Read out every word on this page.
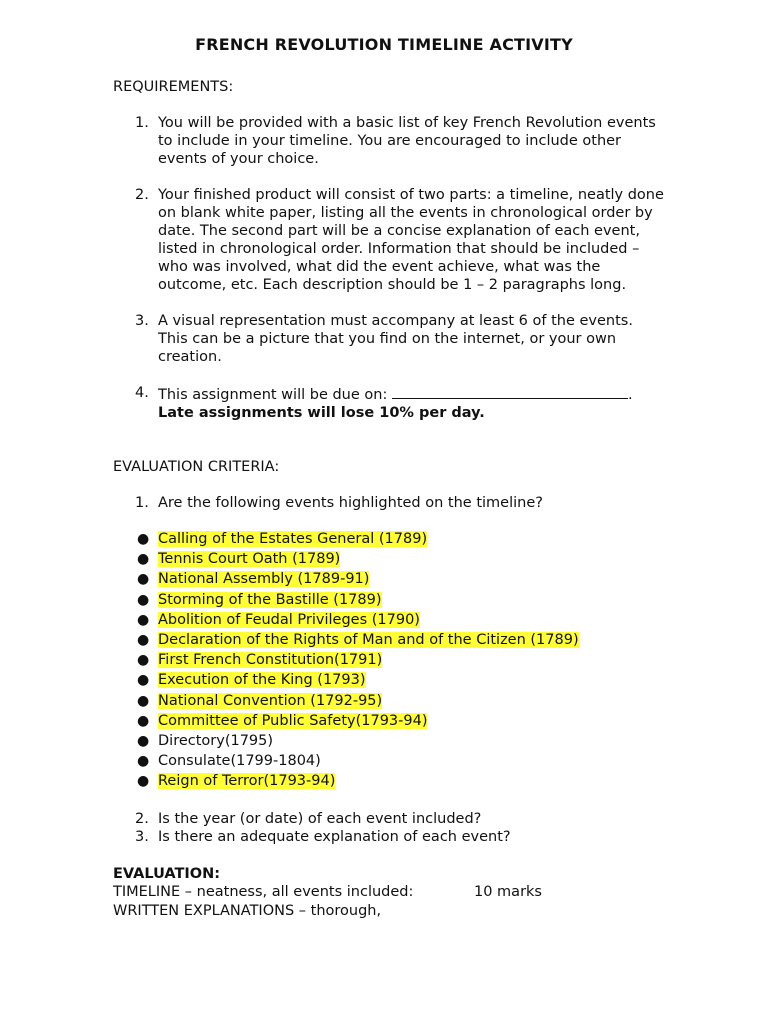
FRENCH REVOLUTION TIMELINE ACTIVITY
REQUIREMENTS:
1. You will be provided with a basic list of key French Revolution events to include in your timeline. You are encouraged to include other events of your choice.
2. Your finished product will consist of two parts: a timeline, neatly done on blank white paper, listing all the events in chronological order by date. The second part will be a concise explanation of each event, listed in chronological order. Information that should be included – who was involved, what did the event achieve, what was the outcome, etc. Each description should be 1 – 2 paragraphs long.
3. A visual representation must accompany at least 6 of the events. This can be a picture that you find on the internet, or your own creation.
4. This assignment will be due on:	.
Late assignments will lose 10% per day.
EVALUATION CRITERIA:
1. Are the following events highlighted on the timeline?
● Calling of the Estates General (1789)
● Tennis Court Oath (1789)
● National Assembly (1789-91)
● Storming of the Bastille (1789)
● Abolition of Feudal Privileges (1790)
● Declaration of the Rights of Man and of the Citizen (1789)
● First French Constitution(1791)
● Execution of the King (1793)
● National Convention (1792-95)
● Committee of Public Safety(1793-94)
● Directory(1795)
● Consulate(1799-1804)
● Reign of Terror(1793-94)
2. Is the year (or date) of each event included?
3. Is there an adequate explanation of each event?
EVALUATION:
TIMELINE – neatness, all events included:	10 marks
WRITTEN EXPLANATIONS – thorough,
